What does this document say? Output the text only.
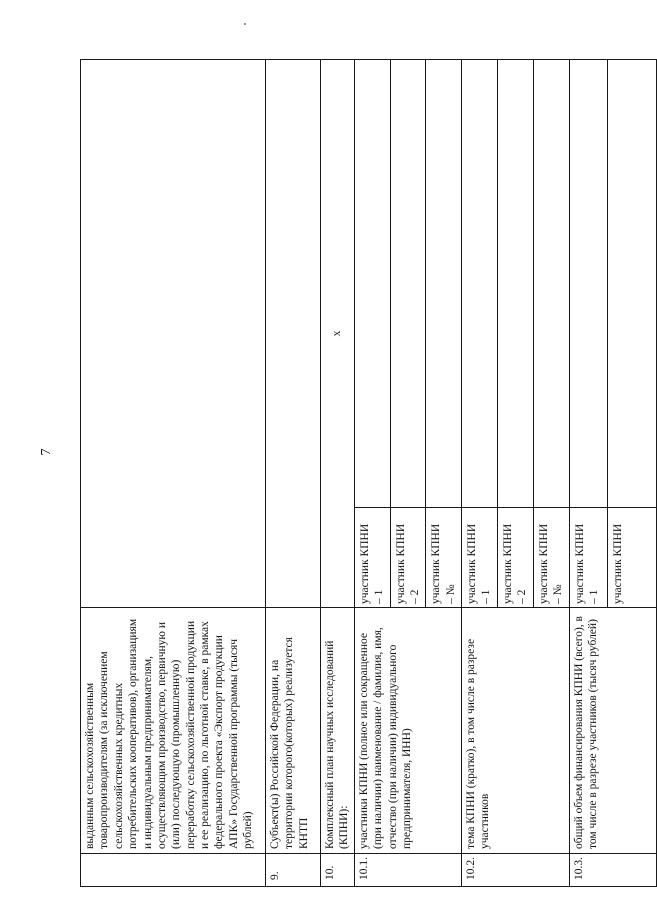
7
	выданным сельскохозяйственным товаропроизводителям (за исключением сельскохозяйственных кредитных потребительских кооперативов), организациям и индивидуальным предпринимателям, осуществляющим производство, первичную и (или) последующую (промышленную) переработку сельскохозяйственной продукции и ее реализацию, по льготной ставке, в рамках федерального проекта «Экспорт продукции АПК» Государственной программы (тысяч рублей)		
9.	Субъект(ы) Российской Федерации, на территории которого(которых) реализуется КНТП		
10.	Комплексный план научных исследований (КПНИ):	х	
10.1.	участники КПНИ (полное или сокращенное (при наличии) наименование / фамилия, имя, отчество (при наличии) индивидуального предпринимателя, ИНН)	участник КПНИ
– 1	
		участник КПНИ
– 2	
		участник КПНИ
– №	
10.2.	тема КПНИ (кратко), в том числе в разрезе участников	участник КПНИ
– 1	
		участник КПНИ
– 2	
		участник КПНИ
– №	
10.3.	общий объем финансирования КПНИ (всего), в том числе в разрезе участников (тысяч рублей)	участник КПНИ
– 1	
		участник КПНИ	
